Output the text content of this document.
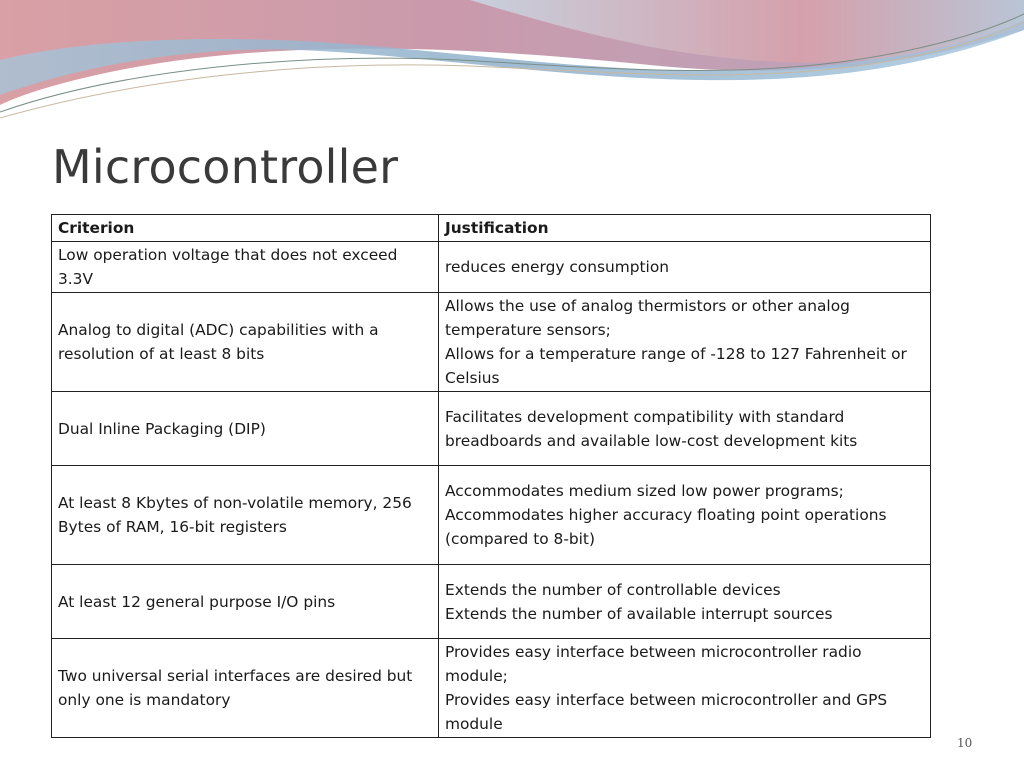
Microcontroller
Criterion	Justification
Low operation voltage that does not exceed 3.3V	reduces energy consumption

Analog to digital (ADC) capabilities with a resolution of at least 8 bits	Allows the use of analog thermistors or other analog temperature sensors;
Allows for a temperature range of -128 to 127 Fahrenheit or Celsius

Dual Inline Packaging (DIP)	Facilitates development compatibility with standard breadboards and available low-cost development kits

At least 8 Kbytes of non-volatile memory, 256 Bytes of RAM, 16-bit registers	Accommodates medium sized low power programs;
Accommodates higher accuracy floating point operations (compared to 8-bit)

At least 12 general purpose I/O pins	Extends the number of controllable devices
Extends the number of available interrupt sources

Two universal serial interfaces are desired but only one is mandatory	Provides easy interface between microcontroller radio module;
Provides easy interface between microcontroller and GPS module
10
